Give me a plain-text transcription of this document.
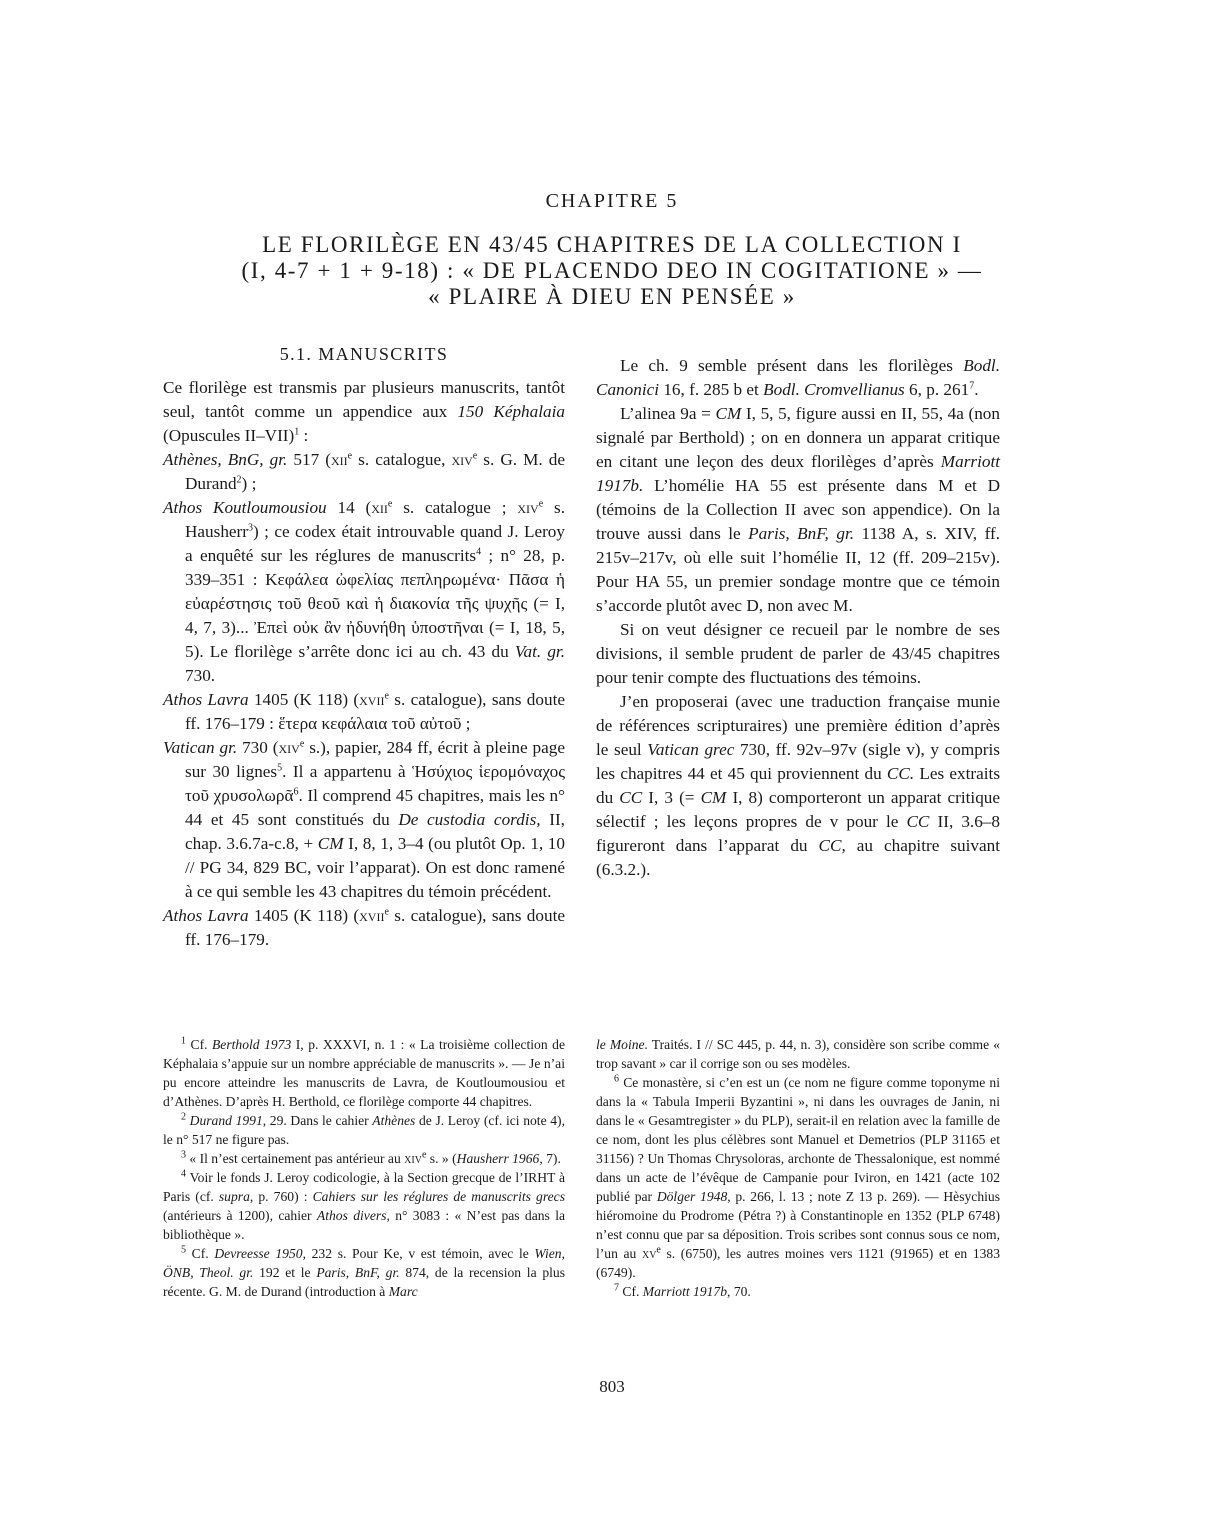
CHAPITRE 5
LE FLORILÈGE EN 43/45 CHAPITRES DE LA COLLECTION I
(I, 4-7 + 1 + 9-18) : « DE PLACENDO DEO IN COGITATIONE » —
« PLAIRE À DIEU EN PENSÉE »
5.1. MANUSCRITS

Ce florilège est transmis par plusieurs manuscrits, tantôt seul, tantôt comme un appendice aux 150 Képhalaia (Opuscules II–VII)$^1$ :

Athènes, BnG, gr. 517 (xii$^e$ s. catalogue, xiv$^e$ s. G. M. de Durand$^2$) ;

Athos Koutloumousiou 14 (xii$^e$ s. catalogue ; xiv$^e$ s. Hausherr$^3$) ; ce codex était introuvable quand J. Leroy a enquêté sur les réglures de manuscrits$^4$ ; n° 28, p. 339–351 : Κεφάλεα ὠφελίας πεπληρωμένα· Πᾶσα ἡ εὐαρέστησις τοῦ θεοῦ καὶ ἡ διακονία τῆς ψυχῆς (= I, 4, 7, 3)... Ἐπεὶ οὐκ ἂν ἠδυνήθη ὑποστῆναι (= I, 18, 5, 5). Le florilège s’arrête donc ici au ch. 43 du Vat. gr. 730.

Athos Lavra 1405 (K 118) (xvii$^e$ s. catalogue), sans doute ff. 176–179 : ἕτερα κεφάλαια τοῦ αὐτοῦ ;

Vatican gr. 730 (xiv$^e$ s.), papier, 284 ff, écrit à pleine page sur 30 lignes$^5$. Il a appartenu à Ἡσύχιος ἱερομόναχος τοῦ χρυσολωρᾶ$^6$. Il comprend 45 chapitres, mais les n° 44 et 45 sont constitués du De custodia cordis, II, chap. 3.6.7a-c.8, + CM I, 8, 1, 3–4 (ou plutôt Op. 1, 10 // PG 34, 829 BC, voir l’apparat). On est donc ramené à ce qui semble les 43 chapitres du témoin précédent.

Athos Lavra 1405 (K 118) (xvii$^e$ s. catalogue), sans doute ff. 176–179.

Le ch. 9 semble présent dans les florilèges Bodl. Canonici 16, f. 285 b et Bodl. Cromvellianus 6, p. $261^7$.

L’alinea 9a = CM I, 5, 5, figure aussi en II, 55, 4a (non signalé par Berthold) ; on en donnera un apparat critique en citant une leçon des deux florilèges d’après Marriott 1917b. L’homélie HA 55 est présente dans M et D (témoins de la Collection II avec son appendice). On la trouve aussi dans le Paris, BnF, gr. 1138 A, s. XIV, ff. 215v–217v, où elle suit l’homélie II, 12 (ff. 209–215v). Pour HA 55, un premier sondage montre que ce témoin s’accorde plutôt avec D, non avec M.

Si on veut désigner ce recueil par le nombre de ses divisions, il semble prudent de parler de 43/45 chapitres pour tenir compte des fluctuations des témoins.

J’en proposerai (avec une traduction française munie de références scripturaires) une première édition d’après le seul Vatican grec 730, ff. 92v–97v (sigle v), y compris les chapitres 44 et 45 qui proviennent du CC. Les extraits du CC I, 3 (= CM I, 8) comporteront un apparat critique sélectif ; les leçons propres de v pour le CC II, 3.6–8 figureront dans l’apparat du CC, au chapitre suivant (6.3.2.).

$^1$ Cf. Berthold 1973 I, p. XXXVI, n. 1 : « La troisième collection de Képhalaia s’appuie sur un nombre appréciable de manuscrits ». — Je n’ai pu encore atteindre les manuscrits de Lavra, de Koutloumousiou et d’Athènes. D’après H. Berthold, ce florilège comporte 44 chapitres.

$^2$ Durand 1991, 29. Dans le cahier Athènes de J. Leroy (cf. ici note 4), le n° 517 ne figure pas.

$^3$ « Il n’est certainement pas antérieur au xiv$^e$ s. » (Hausherr 1966, 7).

$^4$ Voir le fonds J. Leroy codicologie, à la Section grecque de l’IRHT à Paris (cf. supra, p. 760) : Cahiers sur les réglures de manuscrits grecs (antérieurs à 1200), cahier Athos divers, n° 3083 : « N’est pas dans la bibliothèque ».

$^5$ Cf. Devreesse 1950, 232 s. Pour Ke, v est témoin, avec le Wien, ÖNB, Theol. gr. 192 et le Paris, BnF, gr. 874, de la recension la plus récente. G. M. de Durand (introduction à Marc

le Moine. Traités. I // SC 445, p. 44, n. 3), considère son scribe comme « trop savant » car il corrige son ou ses modèles.

$^6$ Ce monastère, si c’en est un (ce nom ne figure comme toponyme ni dans la « Tabula Imperii Byzantini », ni dans les ouvrages de Janin, ni dans le « Gesamtregister » du PLP), serait-il en relation avec la famille de ce nom, dont les plus célèbres sont Manuel et Demetrios (PLP 31165 et 31156) ? Un Thomas Chrysoloras, archonte de Thessalonique, est nommé dans un acte de l’évêque de Campanie pour Iviron, en 1421 (acte 102 publié par Dölger 1948, p. 266, l. 13 ; note Z 13 p. 269). — Hèsychius hiéromoine du Prodrome (Pétra ?) à Constantinople en 1352 (PLP 6748) n’est connu que par sa déposition. Trois scribes sont connus sous ce nom, l’un au $xv^e$ s. (6750), les autres moines vers 1121 (91965) et en 1383 (6749).

$^7$ Cf. Marriott 1917b, 70.

803
